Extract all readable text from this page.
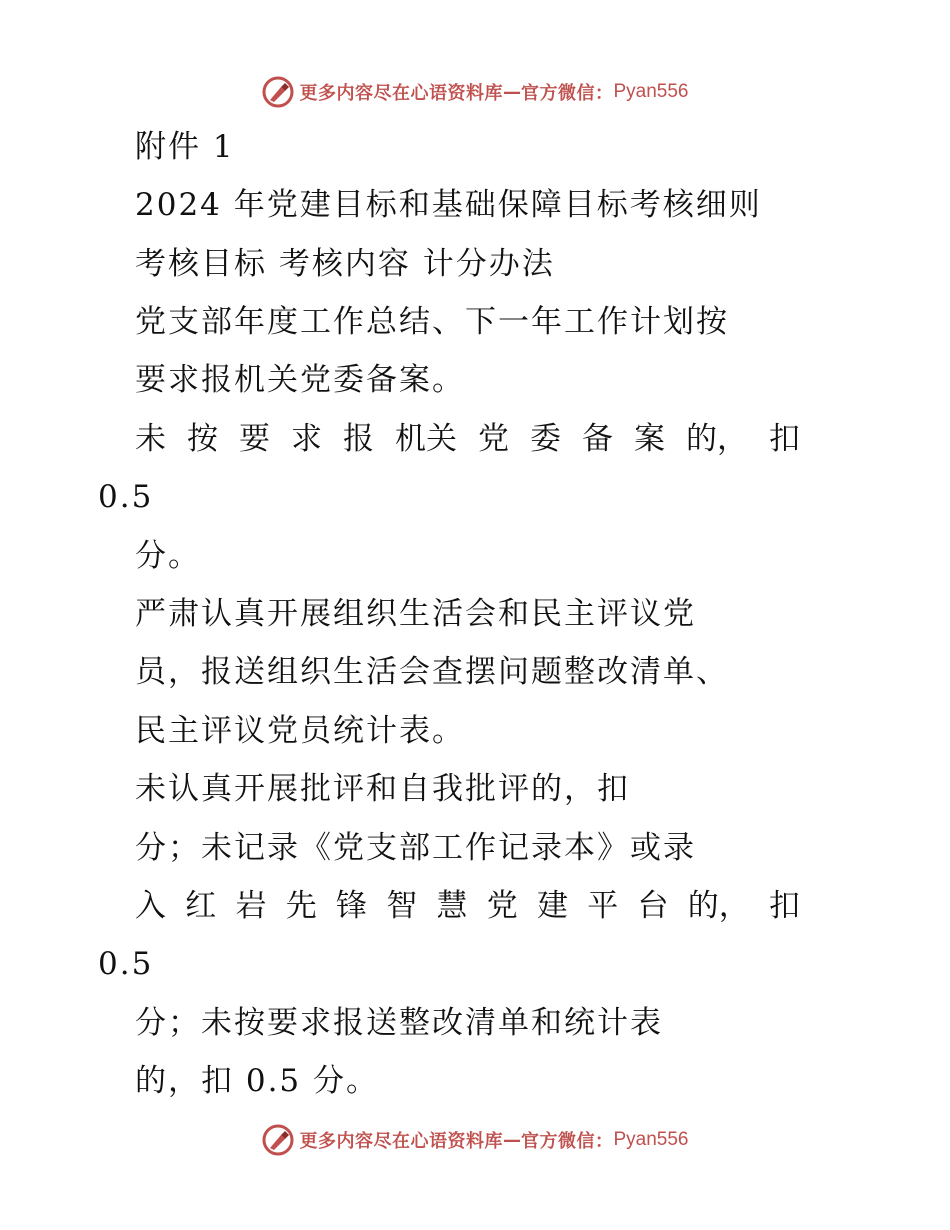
更多内容尽在心语资料库 — 官方微信： Pyan556
附件 1
2024 年党建目标和基础保障目标考核细则
考核目标 考核内容 计分办法
党支部年度工作总结、下一年工作计划按
要求报机关党委备案。
未 按 要 求 报 机关 党 委 备 案 的， 扣
0.5
分。
严肃认真开展组织生活会和民主评议党
员，报送组织生活会查摆问题整改清单、
民主评议党员统计表。
未认真开展批评和自我批评的，扣
分；未记录《党支部工作记录本》或录
入 红 岩 先 锋 智 慧 党 建 平 台 的， 扣
0.5
分；未按要求报送整改清单和统计表
的，扣 0.5 分。
更多内容尽在心语资料库 — 官方微信： Pyan556
